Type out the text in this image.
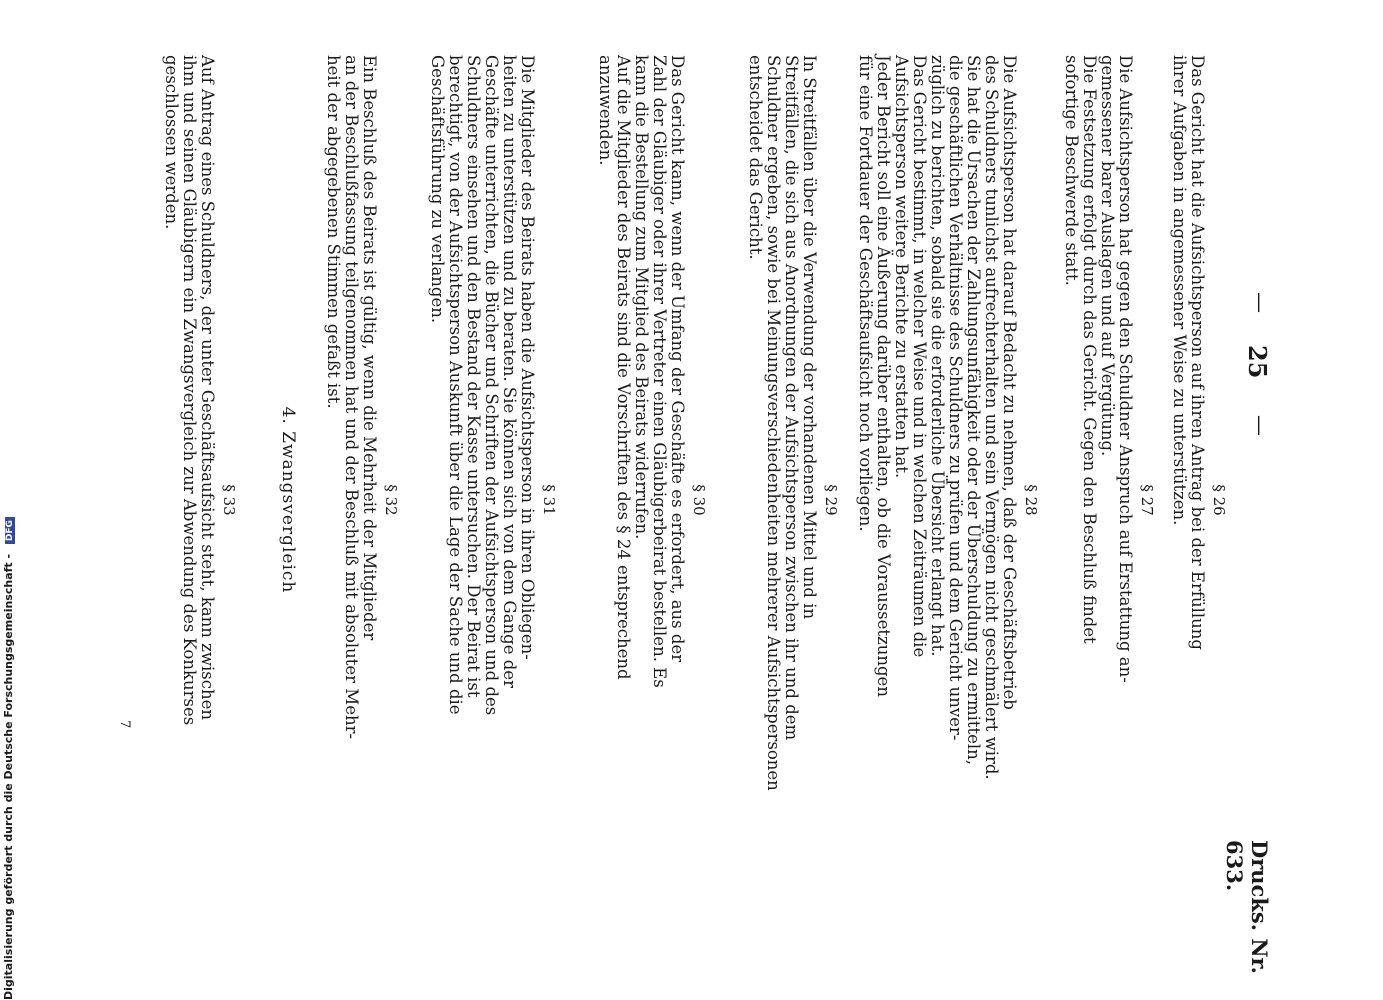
—
25
—
Drucks. Nr. 633.
§ 26
Das Gericht hat die Aufsichtsperson auf ihren Antrag bei der Erfüllung
ihrer Aufgaben in angemessener Weise zu unterstützen.
§ 27
Die Aufsichtsperson hat gegen den Schuldner Anspruch auf Erstattung an-
gemessener barer Auslagen und auf Vergütung.
Die Festsetzung erfolgt durch das Gericht. Gegen den Beschluß findet
sofortige Beschwerde statt.
§ 28
Die Aufsichtsperson hat darauf Bedacht zu nehmen, daß der Geschäftsbetrieb
des Schuldners tunlichst aufrechterhalten und sein Vermögen nicht geschmälert wird.
Sie hat die Ursachen der Zahlungsunfähigkeit oder der Überschuldung zu ermitteln,
die geschäftlichen Verhältnisse des Schuldners zu prüfen und dem Gericht unver-
züglich zu berichten, sobald sie die erforderliche Übersicht erlangt hat.
Das Gericht bestimmt, in welcher Weise und in welchen Zeiträumen die
Aufsichtsperson weitere Berichte zu erstatten hat.
Jeder Bericht soll eine Äußerung darüber enthalten, ob die Voraussetzungen
für eine Fortdauer der Geschäftsaufsicht noch vorliegen.
§ 29
In Streitfällen über die Verwendung der vorhandenen Mittel und in
Streitfällen, die sich aus Anordnungen der Aufsichtsperson zwischen ihr und dem
Schuldner ergeben, sowie bei Meinungsverschiedenheiten mehrerer Aufsichtspersonen
entscheidet das Gericht.
§ 30
Das Gericht kann, wenn der Umfang der Geschäfte es erfordert, aus der
Zahl der Gläubiger oder ihrer Vertreter einen Gläubigerbeirat bestellen. Es
kann die Bestellung zum Mitglied des Beirats widerrufen.
Auf die Mitglieder des Beirats sind die Vorschriften des § 24 entsprechend
anzuwenden.
§ 31
Die Mitglieder des Beirats haben die Aufsichtsperson in ihren Obliegen-
heiten zu unterstützen und zu beraten. Sie können sich von dem Gange der
Geschäfte unterrichten, die Bücher und Schriften der Aufsichtsperson und des
Schuldners einsehen und den Bestand der Kasse untersuchen. Der Beirat ist
berechtigt, von der Aufsichtsperson Auskunft über die Lage der Sache und die
Geschäftsführung zu verlangen.
§ 32
Ein Beschluß des Beirats ist gültig, wenn die Mehrheit der Mitglieder
an der Beschlußfassung teilgenommen hat und der Beschluß mit absoluter Mehr-
heit der abgegebenen Stimmen gefaßt ist.
4. Zwangsvergleich
§ 33
Auf Antrag eines Schuldners, der unter Geschäftsaufsicht steht, kann zwischen
ihm und seinen Gläubigern ein Zwangsvergleich zur Abwendung des Konkurses
geschlossen werden.
7
Digitalisierung gefördert durch die Deutsche Forschungsgemeinschaft - DFG
